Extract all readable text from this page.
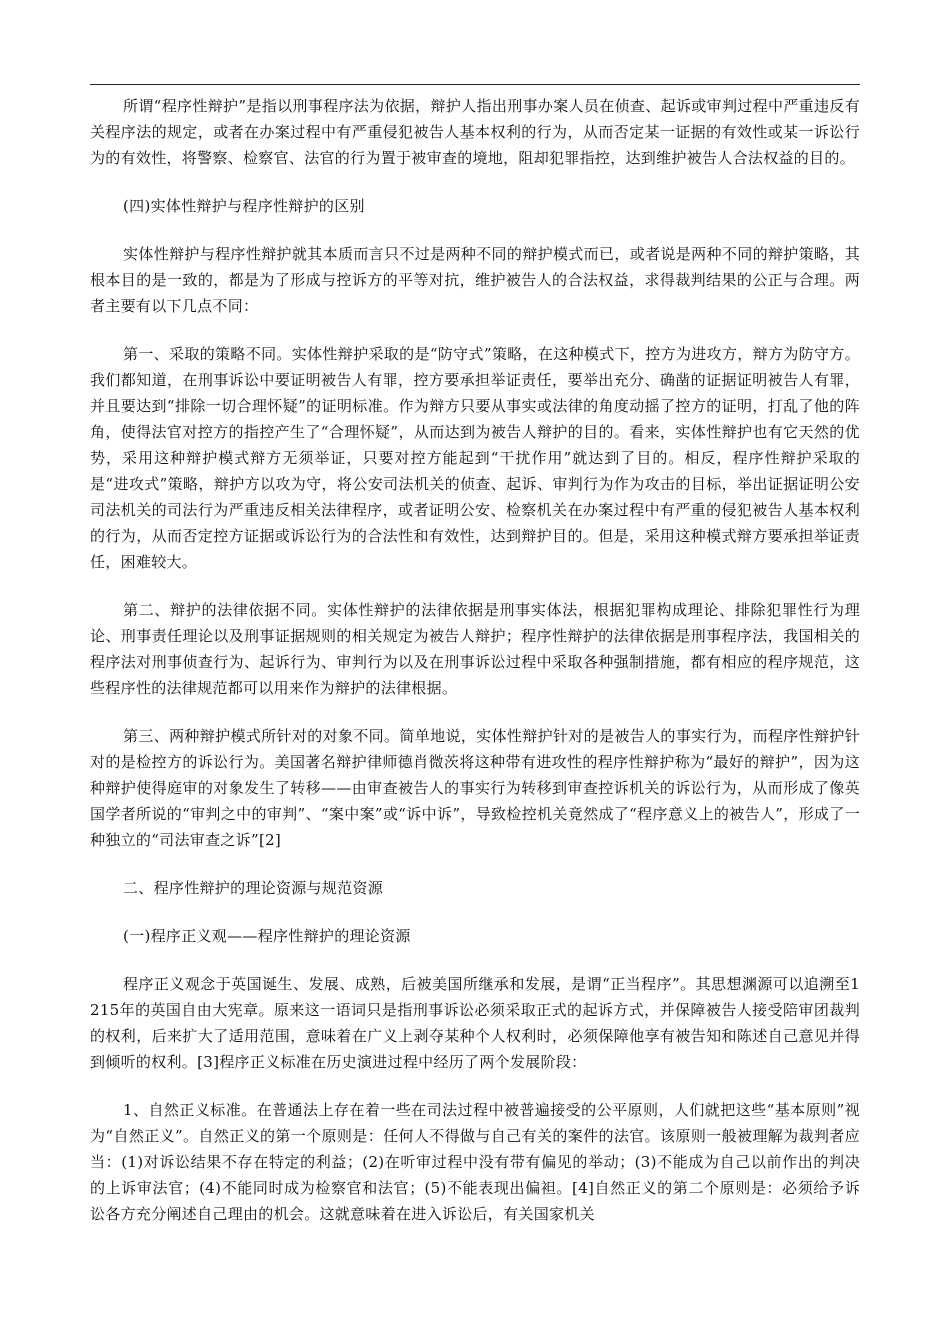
所谓“程序性辩护”是指以刑事程序法为依据，辩护人指出刑事办案人员在侦查、起诉或审判过程中严重违反有关程序法的规定，或者在办案过程中有严重侵犯被告人基本权利的行为，从而否定某一证据的有效性或某一诉讼行为的有效性，将警察、检察官、法官的行为置于被审查的境地，阻却犯罪指控，达到维护被告人合法权益的目的。

(四)实体性辩护与程序性辩护的区别

实体性辩护与程序性辩护就其本质而言只不过是两种不同的辩护模式而已，或者说是两种不同的辩护策略，其根本目的是一致的，都是为了形成与控诉方的平等对抗，维护被告人的合法权益，求得裁判结果的公正与合理。两者主要有以下几点不同：

第一、采取的策略不同。实体性辩护采取的是“防守式”策略，在这种模式下，控方为进攻方，辩方为防守方。我们都知道，在刑事诉讼中要证明被告人有罪，控方要承担举证责任，要举出充分、确凿的证据证明被告人有罪，并且要达到“排除一切合理怀疑”的证明标准。作为辩方只要从事实或法律的角度动摇了控方的证明，打乱了他的阵角，使得法官对控方的指控产生了“合理怀疑”，从而达到为被告人辩护的目的。看来，实体性辩护也有它天然的优势，采用这种辩护模式辩方无须举证，只要对控方能起到“干扰作用”就达到了目的。相反，程序性辩护采取的是“进攻式”策略，辩护方以攻为守，将公安司法机关的侦查、起诉、审判行为作为攻击的目标，举出证据证明公安司法机关的司法行为严重违反相关法律程序，或者证明公安、检察机关在办案过程中有严重的侵犯被告人基本权利的行为，从而否定控方证据或诉讼行为的合法性和有效性，达到辩护目的。但是，采用这种模式辩方要承担举证责任，困难较大。

第二、辩护的法律依据不同。实体性辩护的法律依据是刑事实体法，根据犯罪构成理论、排除犯罪性行为理论、刑事责任理论以及刑事证据规则的相关规定为被告人辩护；程序性辩护的法律依据是刑事程序法，我国相关的程序法对刑事侦查行为、起诉行为、审判行为以及在刑事诉讼过程中采取各种强制措施，都有相应的程序规范，这些程序性的法律规范都可以用来作为辩护的法律根据。

第三、两种辩护模式所针对的对象不同。简单地说，实体性辩护针对的是被告人的事实行为，而程序性辩护针对的是检控方的诉讼行为。美国著名辩护律师德肖微茨将这种带有进攻性的程序性辩护称为“最好的辩护”，因为这种辩护使得庭审的对象发生了转移——由审查被告人的事实行为转移到审查控诉机关的诉讼行为，从而形成了像英国学者所说的“审判之中的审判”、“案中案”或“诉中诉”，导致检控机关竟然成了“程序意义上的被告人”，形成了一种独立的“司法审查之诉”[2]

二、程序性辩护的理论资源与规范资源

(一)程序正义观——程序性辩护的理论资源

程序正义观念于英国诞生、发展、成熟，后被美国所继承和发展，是谓“正当程序”。其思想渊源可以追溯至1215年的英国自由大宪章。原来这一语词只是指刑事诉讼必须采取正式的起诉方式，并保障被告人接受陪审团裁判的权利，后来扩大了适用范围，意味着在广义上剥夺某种个人权利时，必须保障他享有被告知和陈述自己意见并得到倾听的权利。[3]程序正义标准在历史演进过程中经历了两个发展阶段：

1、自然正义标准。在普通法上存在着一些在司法过程中被普遍接受的公平原则，人们就把这些“基本原则”视为“自然正义”。自然正义的第一个原则是：任何人不得做与自己有关的案件的法官。该原则一般被理解为裁判者应当：(1)对诉讼结果不存在特定的利益；(2)在听审过程中没有带有偏见的举动；(3)不能成为自己以前作出的判决的上诉审法官；(4)不能同时成为检察官和法官；(5)不能表现出偏袒。[4]自然正义的第二个原则是：必须给予诉讼各方充分阐述自己理由的机会。这就意味着在进入诉讼后，有关国家机关
